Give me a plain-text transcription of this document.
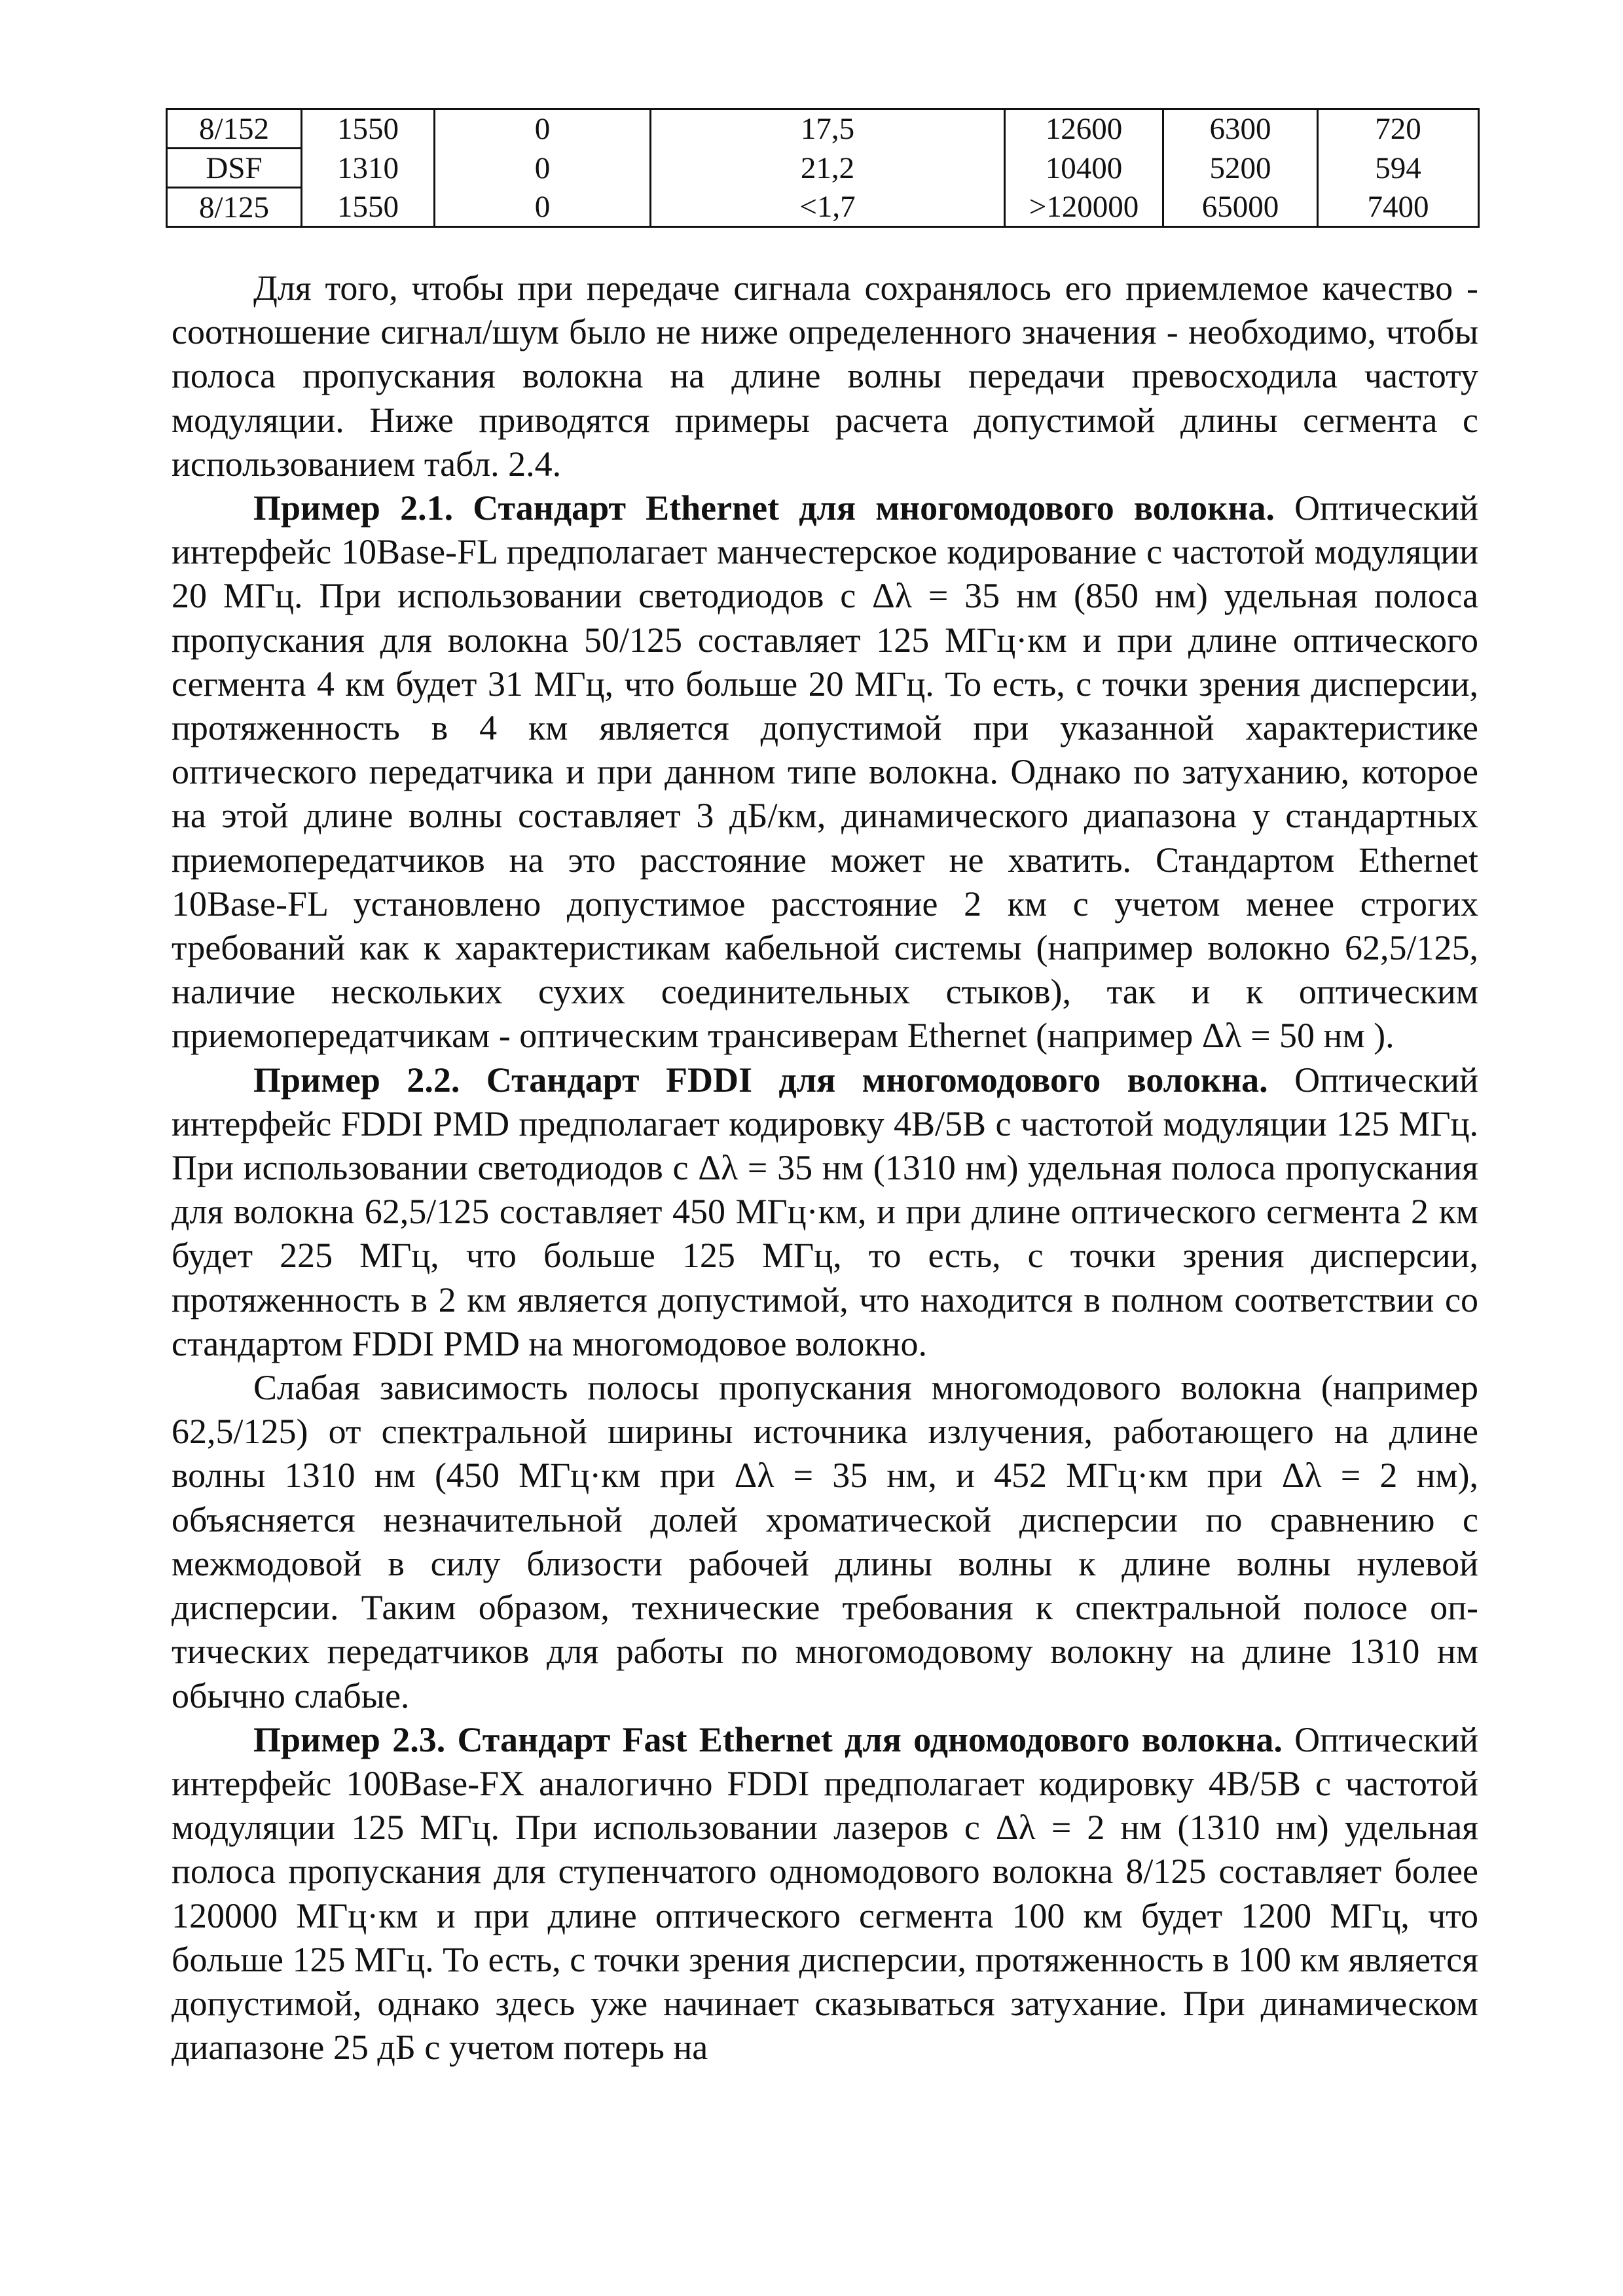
8/152	1550	0	17,5	12600	6300	720
DSF	1310	0	21,2	10400	5200	594
8/125	1550	0	<1,7	>120000	65000	7400

Для того, чтобы при передаче сигнала сохранялось его приемлемое качество - соотношение сигнал/шум было не ниже определенного значения - необходимо, чтобы полоса пропускания волокна на длине волны передачи превосходила частоту модуляции. Ниже приводятся примеры расчета допустимой длины сегмента с использованием табл. 2.4.

Пример 2.1. Стандарт Ethernet для многомодового волокна. Оптический интерфейс 10Base-FL предполагает манчестерское кодирование с частотой модуляции 20 МГц. При использовании светодиодов с Δλ = 35 нм (850 нм) удельная полоса пропускания для волокна 50/125 составляет 125 МГц·км и при длине оптического сегмента 4 км будет 31 МГц, что больше 20 МГц. То есть, с точки зрения дисперсии, протяженность в 4 км является допустимой при указанной характеристике оптического передатчика и при данном типе волокна. Однако по затуханию, которое на этой длине волны составляет 3 дБ/км, динамического диапазона у стандартных приемопередатчиков на это расстояние может не хватить. Стандартом Ethernet 10Base-FL установлено допустимое расстояние 2 км с учетом менее строгих требований как к характеристикам кабельной системы (например волокно 62,5/125, наличие нескольких сухих соединительных стыков), так и к оптическим приемопередатчикам - оптическим трансиверам Ethernet (например Δλ = 50 нм ).

Пример 2.2. Стандарт FDDI для многомодового волокна. Оптический интерфейс FDDI PMD предполагает кодировку 4B/5B с частотой модуляции 125 МГц. При использовании светодиодов с Δλ = 35 нм (1310 нм) удельная полоса пропускания для волокна 62,5/125 составляет 450 МГц·км, и при длине оптического сегмента 2 км будет 225 МГц, что больше 125 МГц, то есть, с точки зрения дисперсии, протяженность в 2 км является допустимой, что находится в полном соответствии со стандартом FDDI PMD на многомодовое волокно.

Слабая зависимость полосы пропускания многомодового волокна (например 62,5/125) от спектральной ширины источника излучения, работающего на длине волны 1310 нм (450 МГц·км при Δλ = 35 нм, и 452 МГц·км при Δλ = 2 нм), объясняется незначительной долей хроматической дисперсии по сравнению с межмодовой в силу близости рабочей длины волны к длине волны нулевой дисперсии. Таким образом, технические требования к спектральной полосе оп-тических передатчиков для работы по многомодовому волокну на длине 1310 нм обычно слабые.

Пример 2.3. Стандарт Fast Ethernet для одномодового волокна. Оптический интерфейс 100Base-FX аналогично FDDI предполагает кодировку 4B/5B с частотой модуляции 125 МГц. При использовании лазеров с Δλ = 2 нм (1310 нм) удельная полоса пропускания для ступенчатого одномодового волокна 8/125 составляет более 120000 МГц·км и при длине оптического сегмента 100 км будет 1200 МГц, что больше 125 МГц. То есть, с точки зрения дисперсии, протяженность в 100 км является допустимой, однако здесь уже начинает сказываться затухание. При динамическом диапазоне 25 дБ с учетом потерь на
